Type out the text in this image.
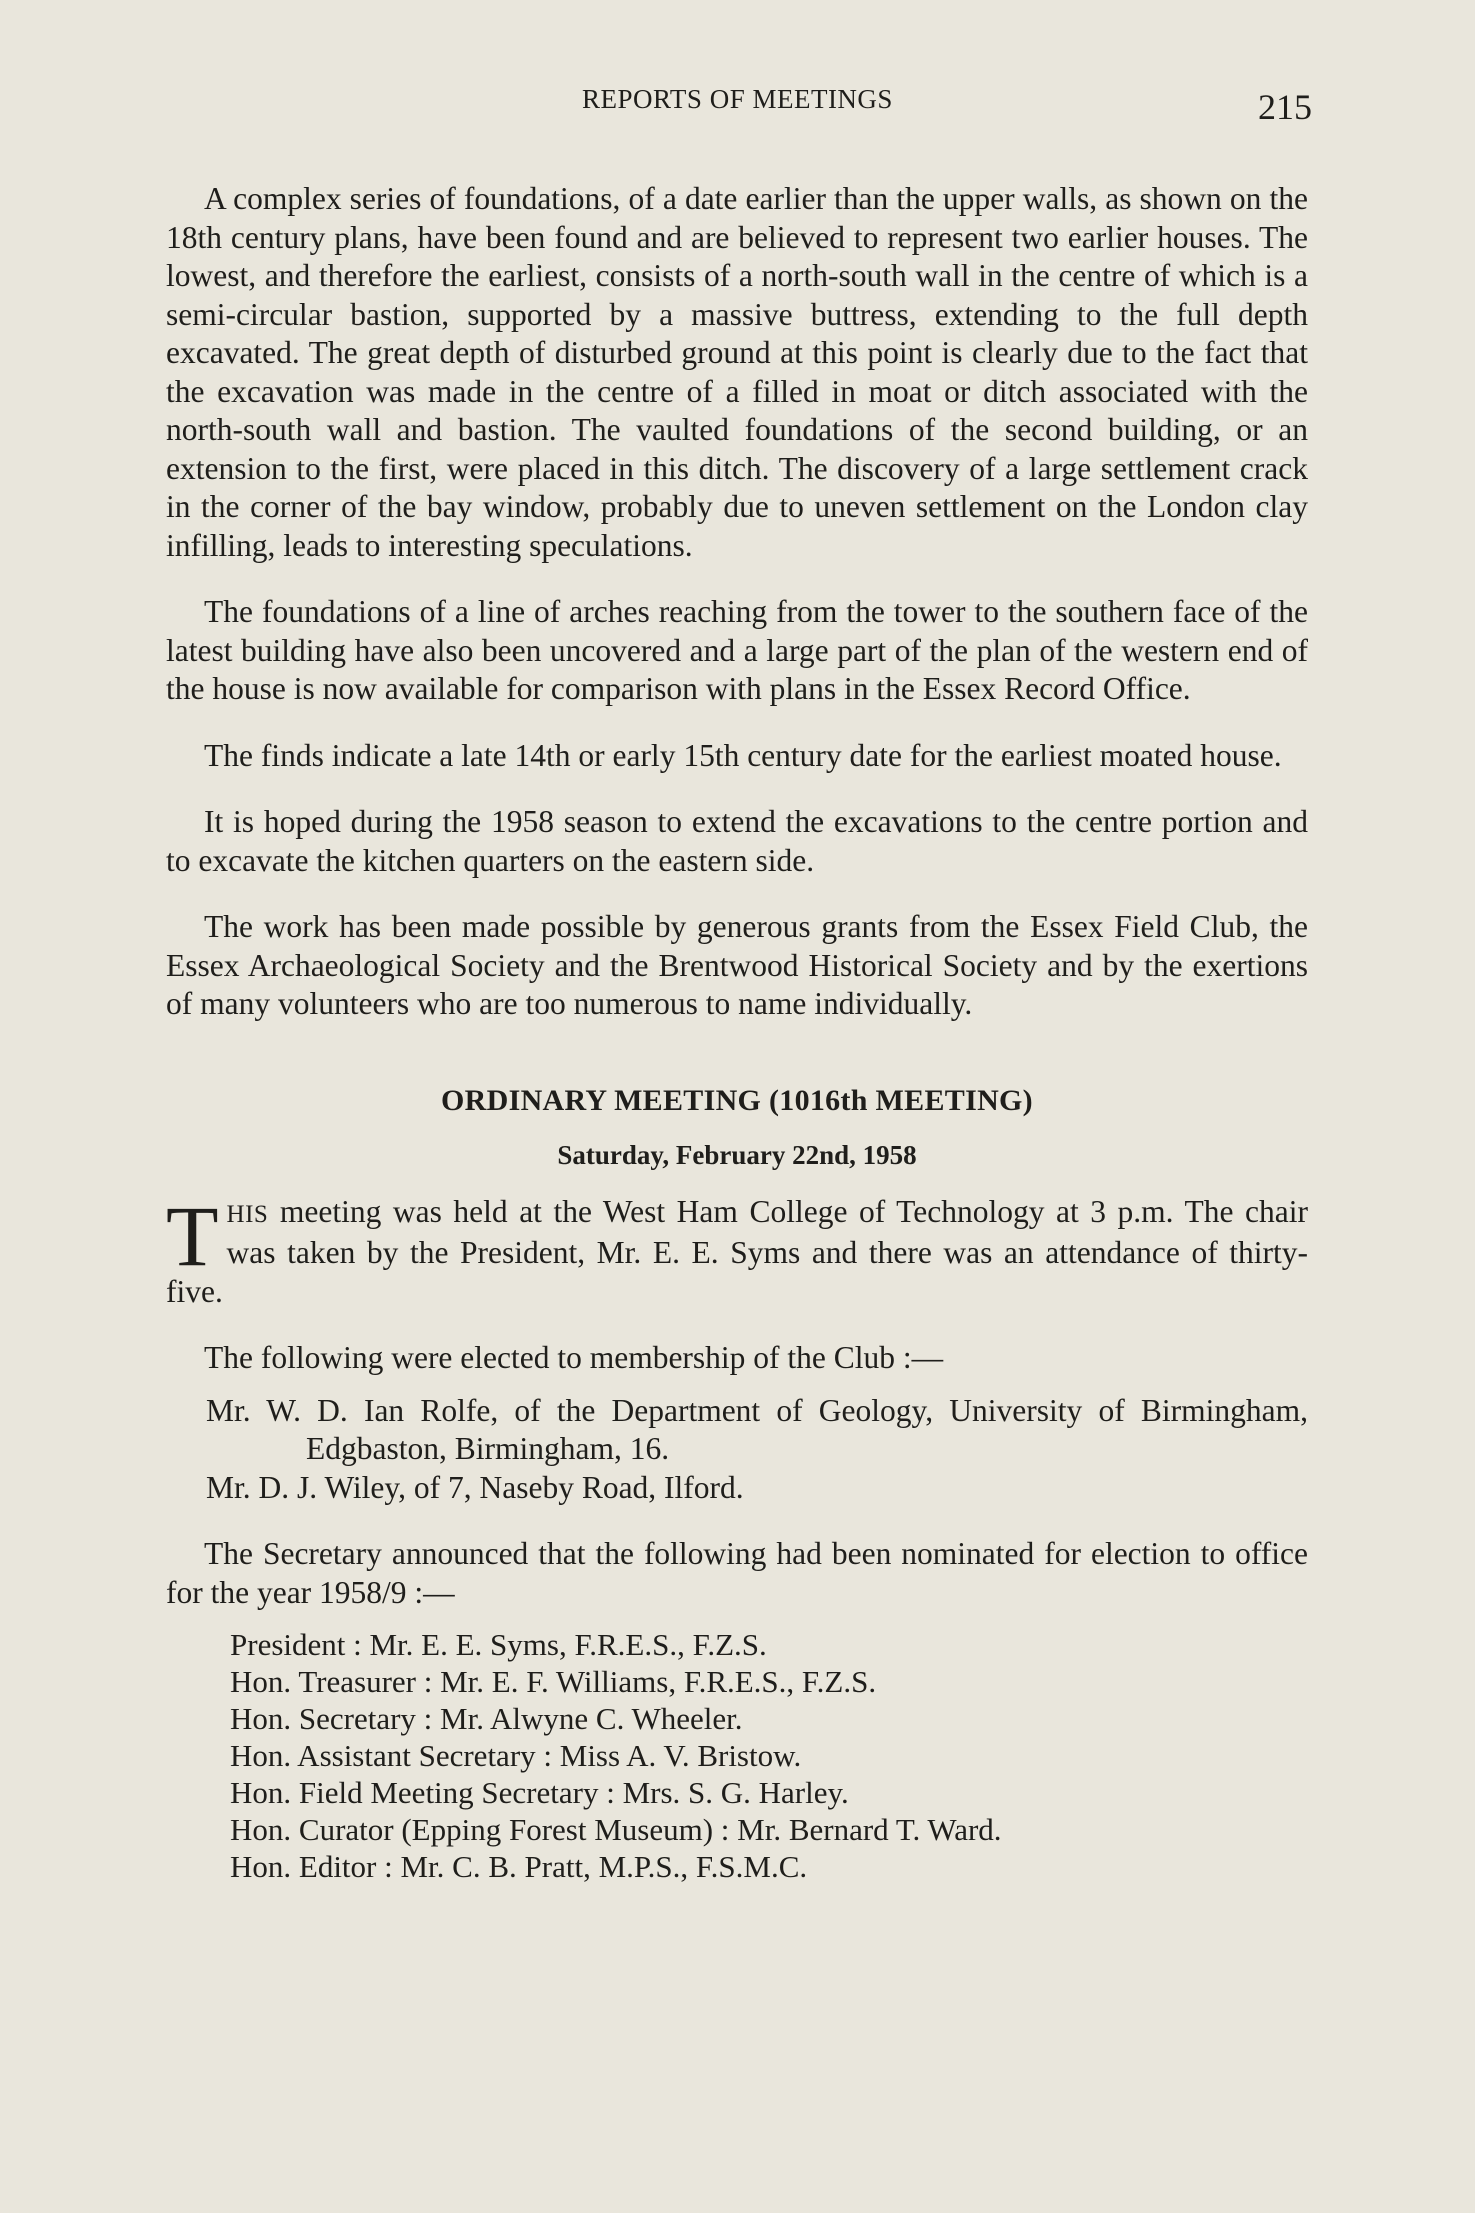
REPORTS OF MEETINGS	215

A complex series of foundations, of a date earlier than the upper walls, as shown on the 18th century plans, have been found and are believed to represent two earlier houses. The lowest, and therefore the earliest, consists of a north-south wall in the centre of which is a semi-circular bastion, supported by a massive buttress, extending to the full depth excavated. The great depth of disturbed ground at this point is clearly due to the fact that the excavation was made in the centre of a filled in moat or ditch associated with the north-south wall and bastion. The vaulted foundations of the second building, or an extension to the first, were placed in this ditch. The discovery of a large settlement crack in the corner of the bay window, probably due to uneven settlement on the London clay infilling, leads to interesting speculations.

The foundations of a line of arches reaching from the tower to the southern face of the latest building have also been uncovered and a large part of the plan of the western end of the house is now available for comparison with plans in the Essex Record Office.

The finds indicate a late 14th or early 15th century date for the earliest moated house.

It is hoped during the 1958 season to extend the excavations to the centre portion and to excavate the kitchen quarters on the eastern side.

The work has been made possible by generous grants from the Essex Field Club, the Essex Archaeological Society and the Brentwood Historical Society and by the exertions of many volunteers who are too numerous to name individually.

ORDINARY MEETING (1016th MEETING)
Saturday, February 22nd, 1958

THIS meeting was held at the West Ham College of Technology at 3 p.m. The chair was taken by the President, Mr. E. E. Syms and there was an attendance of thirty-five.

The following were elected to membership of the Club :—

Mr. W. D. Ian Rolfe, of the Department of Geology, University of Birmingham, Edgbaston, Birmingham, 16.
Mr. D. J. Wiley, of 7, Naseby Road, Ilford.

The Secretary announced that the following had been nominated for election to office for the year 1958/9 :—

President : Mr. E. E. Syms, F.R.E.S., F.Z.S.
Hon. Treasurer : Mr. E. F. Williams, F.R.E.S., F.Z.S.
Hon. Secretary : Mr. Alwyne C. Wheeler.
Hon. Assistant Secretary : Miss A. V. Bristow.
Hon. Field Meeting Secretary : Mrs. S. G. Harley.
Hon. Curator (Epping Forest Museum) : Mr. Bernard T. Ward.
Hon. Editor : Mr. C. B. Pratt, M.P.S., F.S.M.C.
